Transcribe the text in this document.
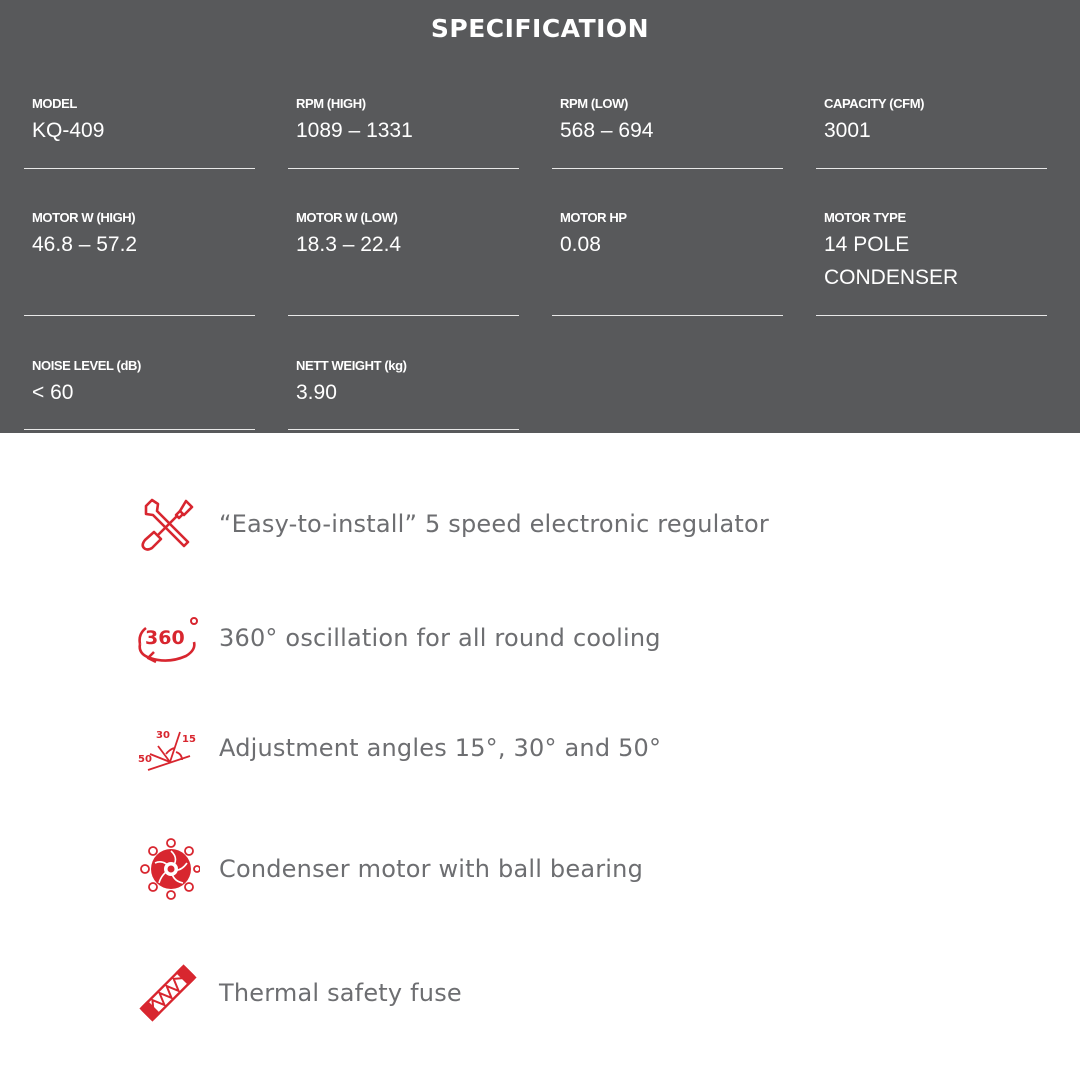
SPECIFICATION
MODEL
KQ-409
RPM (HIGH)
1089 – 1331
RPM (LOW)
568 – 694
CAPACITY (CFM)
3001
MOTOR W (HIGH)
46.8 – 57.2
MOTOR W (LOW)
18.3 – 22.4
MOTOR HP
0.08
MOTOR TYPE
14 POLE
CONDENSER
NOISE LEVEL (dB)
< 60
NETT WEIGHT (kg)
3.90
“Easy-to-install” 5 speed electronic regulator
360 360° oscillation for all round cooling
30 15
50	Adjustment angles 15°, 30° and 50°
Condenser motor with ball bearing
Thermal safety fuse
